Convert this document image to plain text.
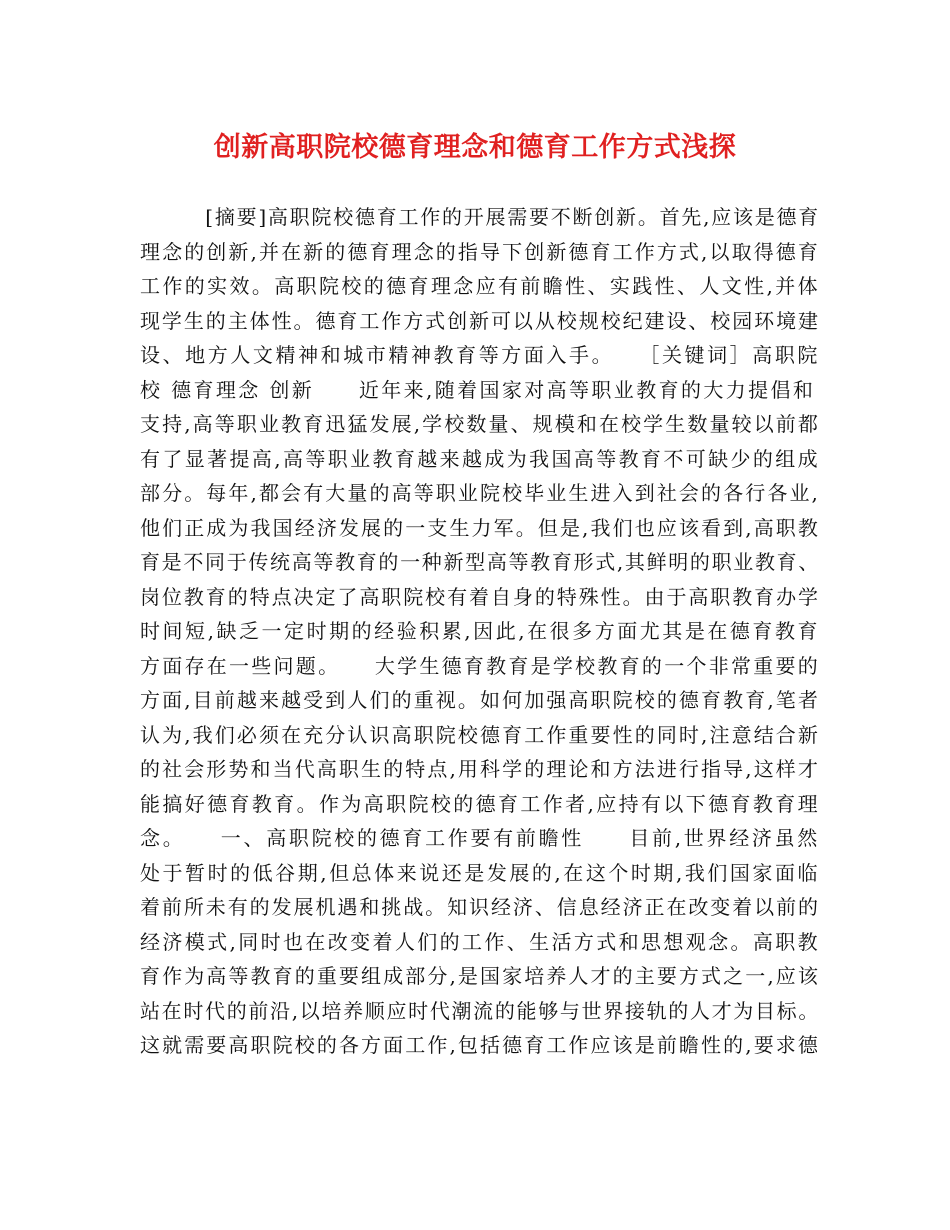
创新高职院校德育理念和德育工作方式浅探
　　　[摘要]高职院校德育工作的开展需要不断创新。首先,应该是德育
理念的创新,并在新的德育理念的指导下创新德育工作方式,以取得德育
工作的实效。高职院校的德育理念应有前瞻性、实践性、人文性,并体
现学生的主体性。德育工作方式创新可以从校规校纪建设、校园环境建
设、地方人文精神和城市精神教育等方面入手。　　［关键词］高职院
校 德育理念 创新　　近年来,随着国家对高等职业教育的大力提倡和
支持,高等职业教育迅猛发展,学校数量、规模和在校学生数量较以前都
有了显著提高,高等职业教育越来越成为我国高等教育不可缺少的组成
部分。每年,都会有大量的高等职业院校毕业生进入到社会的各行各业,
他们正成为我国经济发展的一支生力军。但是,我们也应该看到,高职教
育是不同于传统高等教育的一种新型高等教育形式,其鲜明的职业教育、
岗位教育的特点决定了高职院校有着自身的特殊性。由于高职教育办学
时间短,缺乏一定时期的经验积累,因此,在很多方面尤其是在德育教育
方面存在一些问题。　　大学生德育教育是学校教育的一个非常重要的
方面,目前越来越受到人们的重视。如何加强高职院校的德育教育,笔者
认为,我们必须在充分认识高职院校德育工作重要性的同时,注意结合新
的社会形势和当代高职生的特点,用科学的理论和方法进行指导,这样才
能搞好德育教育。作为高职院校的德育工作者,应持有以下德育教育理
念。　　一、高职院校的德育工作要有前瞻性　　目前,世界经济虽然
处于暂时的低谷期,但总体来说还是发展的,在这个时期,我们国家面临
着前所未有的发展机遇和挑战。知识经济、信息经济正在改变着以前的
经济模式,同时也在改变着人们的工作、生活方式和思想观念。高职教
育作为高等教育的重要组成部分,是国家培养人才的主要方式之一,应该
站在时代的前沿,以培养顺应时代潮流的能够与世界接轨的人才为目标。
这就需要高职院校的各方面工作,包括德育工作应该是前瞻性的,要求德
